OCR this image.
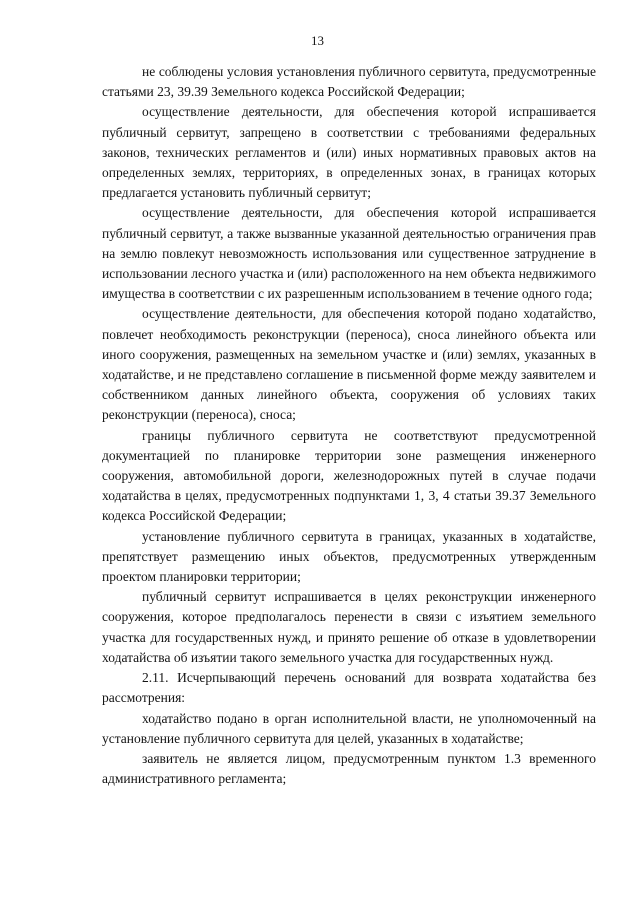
13

не соблюдены условия установления публичного сервитута, предусмотренные статьями 23, 39.39 Земельного кодекса Российской Федерации;

осуществление деятельности, для обеспечения которой испрашивается публичный сервитут, запрещено в соответствии с требованиями федеральных законов, технических регламентов и (или) иных нормативных правовых актов на определенных землях, территориях, в определенных зонах, в границах которых предлагается установить публичный сервитут;

осуществление деятельности, для обеспечения которой испрашивается публичный сервитут, а также вызванные указанной деятельностью ограничения прав на землю повлекут невозможность использования или существенное затруднение в использовании лесного участка и (или) расположенного на нем объекта недвижимого имущества в соответствии с их разрешенным использованием в течение одного года;

осуществление деятельности, для обеспечения которой подано ходатайство, повлечет необходимость реконструкции (переноса), сноса линейного объекта или иного сооружения, размещенных на земельном участке и (или) землях, указанных в ходатайстве, и не представлено соглашение в письменной форме между заявителем и собственником данных линейного объекта, сооружения об условиях таких реконструкции (переноса), сноса;

границы публичного сервитута не соответствуют предусмотренной документацией по планировке территории зоне размещения инженерного сооружения, автомобильной дороги, железнодорожных путей в случае подачи ходатайства в целях, предусмотренных подпунктами 1, 3, 4 статьи 39.37 Земельного кодекса Российской Федерации;

установление публичного сервитута в границах, указанных в ходатайстве, препятствует размещению иных объектов, предусмотренных утвержденным проектом планировки территории;

публичный сервитут испрашивается в целях реконструкции инженерного сооружения, которое предполагалось перенести в связи с изъятием земельного участка для государственных нужд, и принято решение об отказе в удовлетворении ходатайства об изъятии такого земельного участка для государственных нужд.

2.11. Исчерпывающий перечень оснований для возврата ходатайства без рассмотрения:

ходатайство подано в орган исполнительной власти, не уполномоченный на установление публичного сервитута для целей, указанных в ходатайстве;

заявитель не является лицом, предусмотренным пунктом 1.3 временного административного регламента;
